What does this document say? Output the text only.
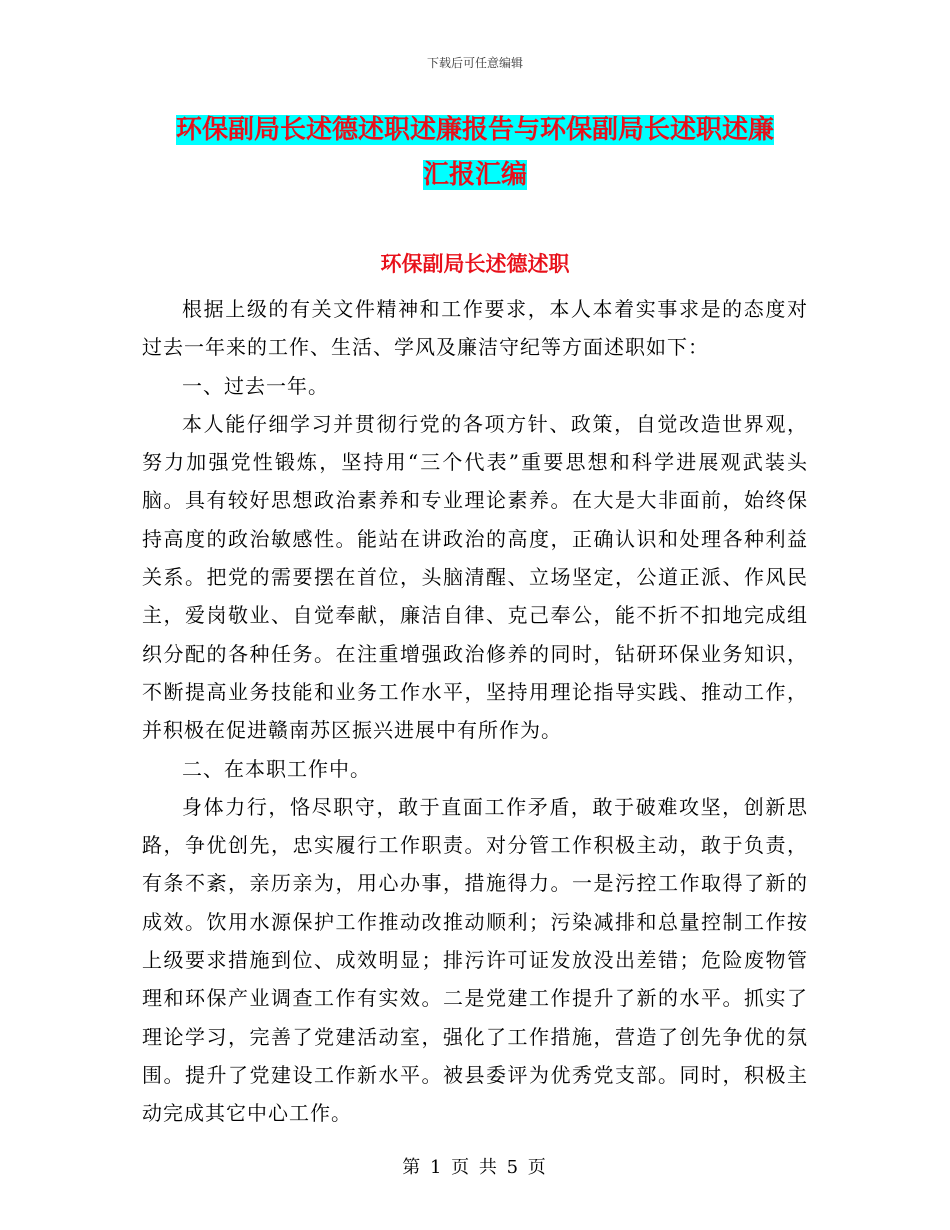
下载后可任意编辑
环保副局长述德述职述廉报告与环保副局长述职述廉
汇报汇编
环保副局长述德述职

根据上级的有关文件精神和工作要求，本人本着实事求是的态度对过去一年来的工作、生活、学风及廉洁守纪等方面述职如下：

一、过去一年。

本人能仔细学习并贯彻行党的各项方针、政策，自觉改造世界观，努力加强党性锻炼，坚持用“三个代表”重要思想和科学进展观武装头脑。具有较好思想政治素养和专业理论素养。在大是大非面前，始终保持高度的政治敏感性。能站在讲政治的高度，正确认识和处理各种利益关系。把党的需要摆在首位，头脑清醒、立场坚定，公道正派、作风民主，爱岗敬业、自觉奉献，廉洁自律、克己奉公，能不折不扣地完成组织分配的各种任务。在注重增强政治修养的同时，钻研环保业务知识，不断提高业务技能和业务工作水平，坚持用理论指导实践、推动工作，并积极在促进赣南苏区振兴进展中有所作为。

二、在本职工作中。

身体力行，恪尽职守，敢于直面工作矛盾，敢于破难攻坚，创新思路，争优创先，忠实履行工作职责。对分管工作积极主动，敢于负责，有条不紊，亲历亲为，用心办事，措施得力。一是污控工作取得了新的成效。饮用水源保护工作推动改推动顺利；污染减排和总量控制工作按上级要求措施到位、成效明显；排污许可证发放没出差错；危险废物管理和环保产业调查工作有实效。二是党建工作提升了新的水平。抓实了理论学习，完善了党建活动室，强化了工作措施，营造了创先争优的氛围。提升了党建设工作新水平。被县委评为优秀党支部。同时，积极主动完成其它中心工作。

第 1 页 共 5 页
